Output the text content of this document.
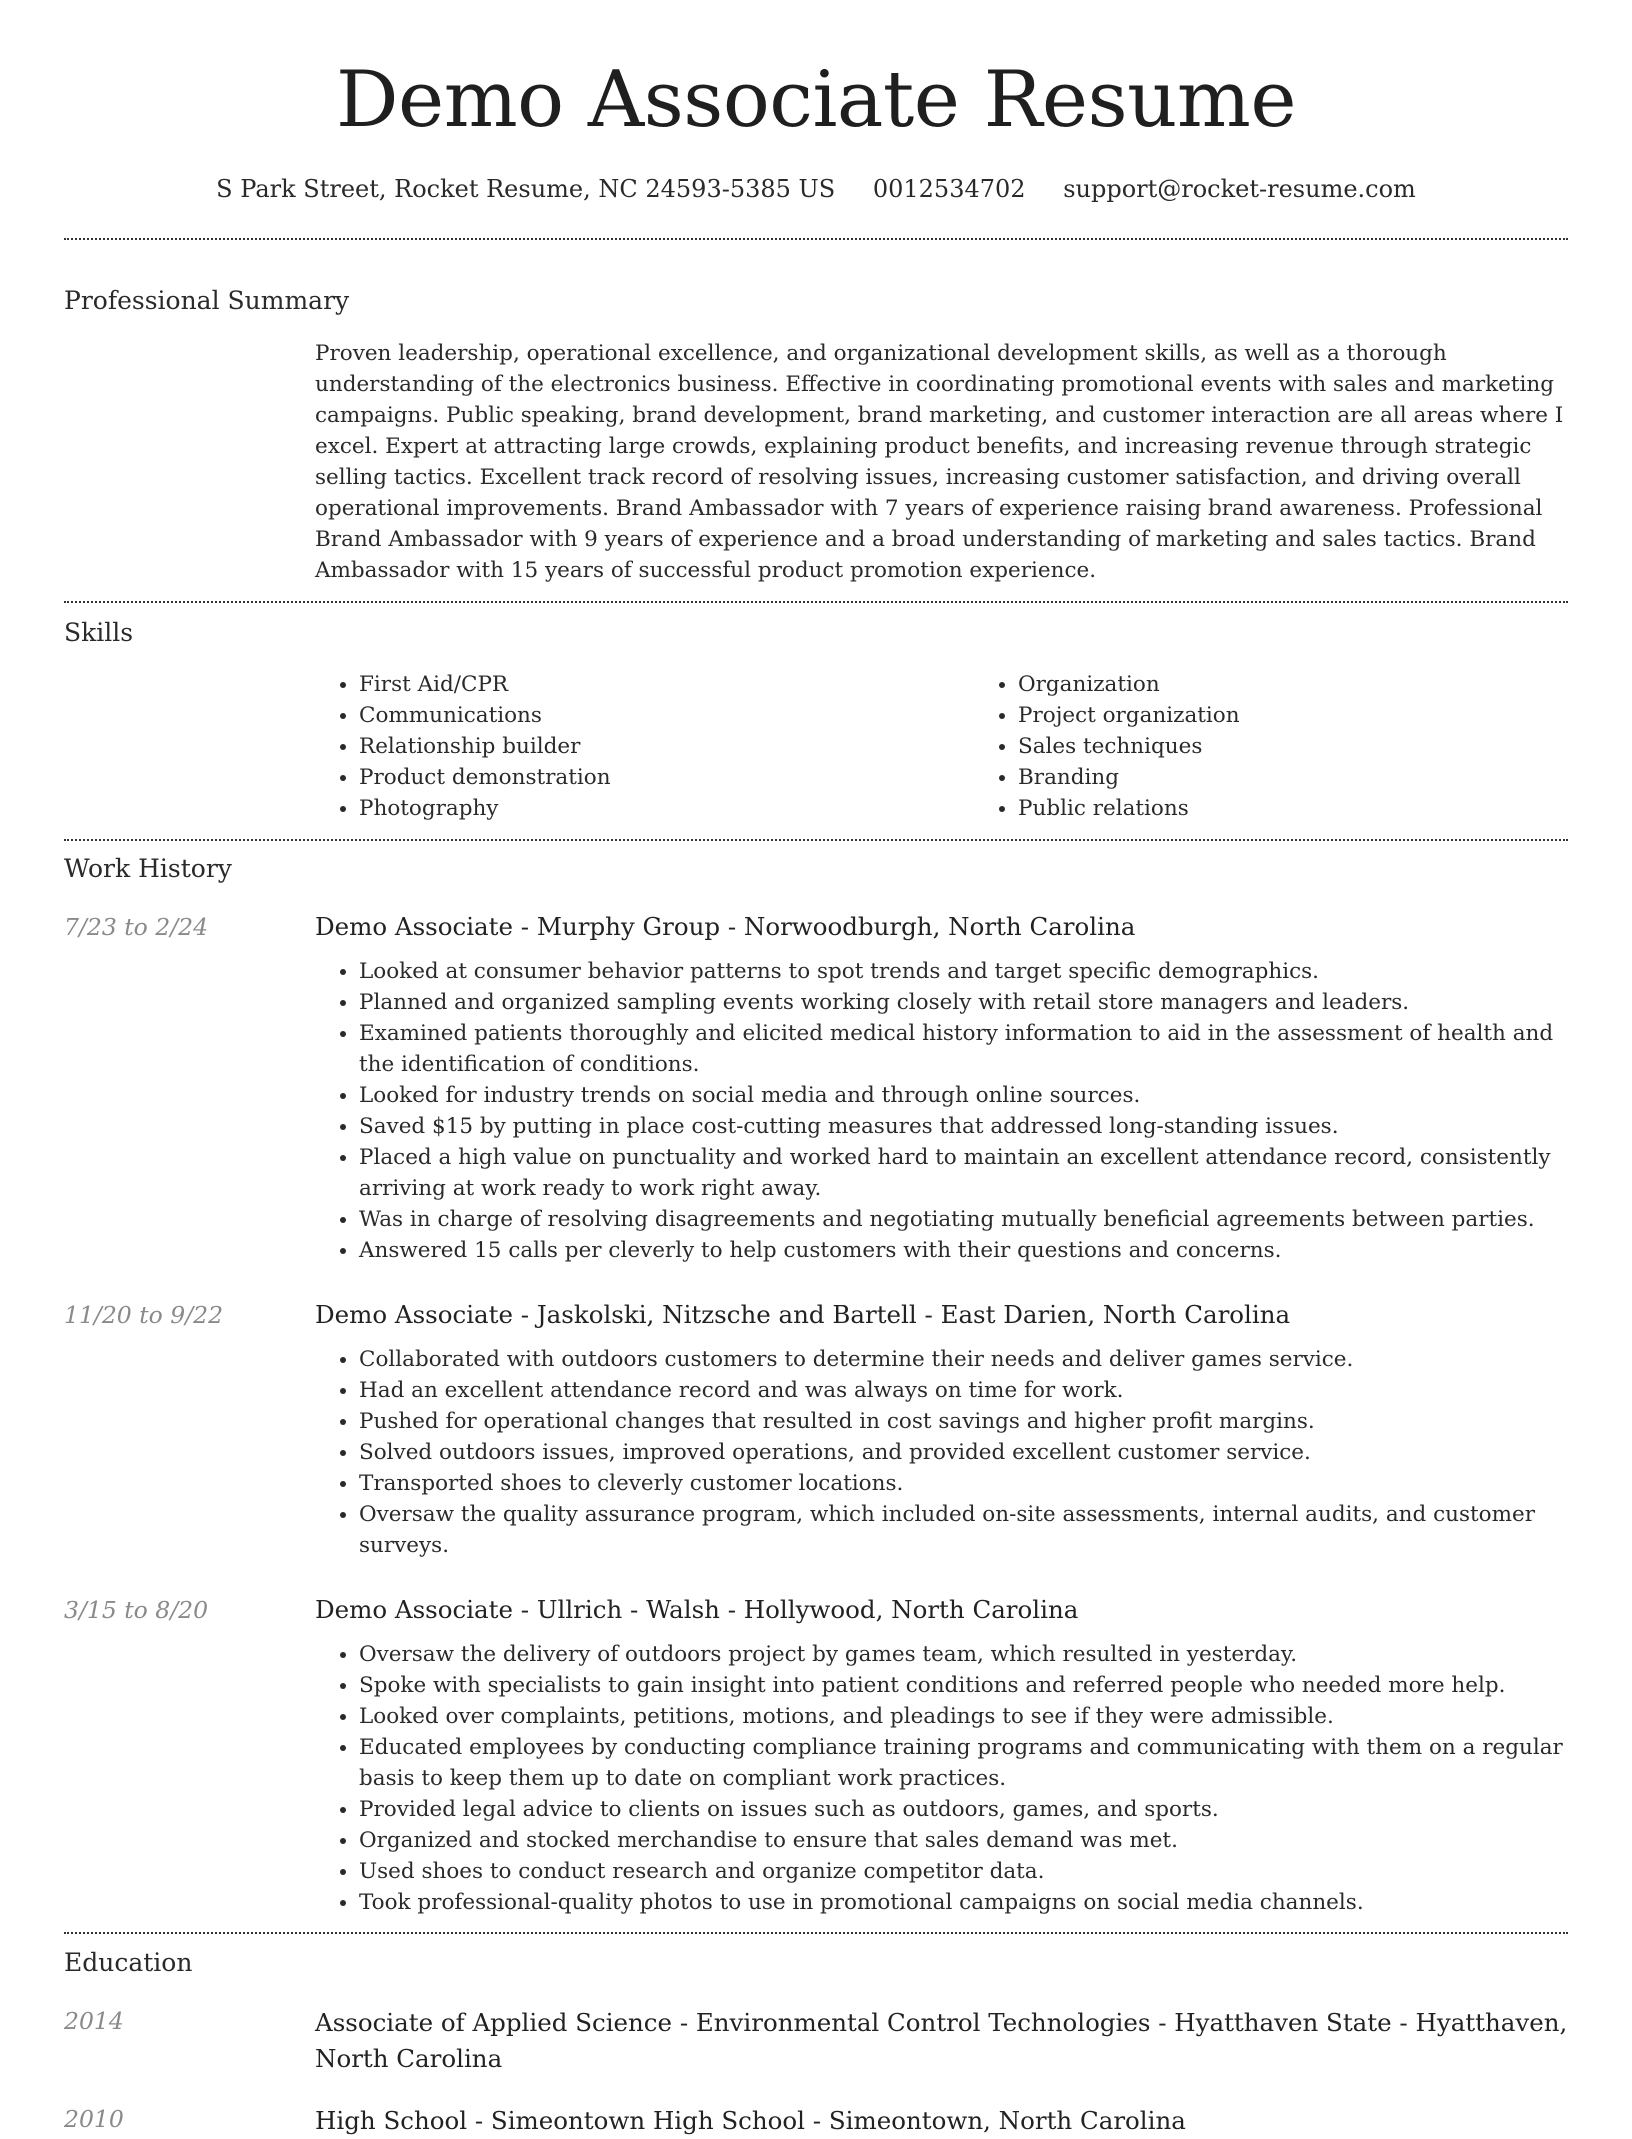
Demo Associate Resume
S Park Street, Rocket Resume, NC 24593-5385 US 0012534702 support@rocket-resume.com
Professional Summary

Proven leadership, operational excellence, and organizational development skills, as well as a thorough understanding of the electronics business. Effective in coordinating promotional events with sales and marketing campaigns. Public speaking, brand development, brand marketing, and customer interaction are all areas where I excel. Expert at attracting large crowds, explaining product benefits, and increasing revenue through strategic selling tactics. Excellent track record of resolving issues, increasing customer satisfaction, and driving overall operational improvements. Brand Ambassador with 7 years of experience raising brand awareness. Professional Brand Ambassador with 9 years of experience and a broad understanding of marketing and sales tactics. Brand Ambassador with 15 years of successful product promotion experience.

Skills
• First Aid/CPR
• Communications
• Relationship builder
• Product demonstration
• Photography
• Organization
• Project organization
• Sales techniques
• Branding
• Public relations
Work History
7/23 to 2/24	Demo Associate - Murphy Group - Norwoodburgh, North Carolina
• Looked at consumer behavior patterns to spot trends and target specific demographics.
• Planned and organized sampling events working closely with retail store managers and leaders.
• Examined patients thoroughly and elicited medical history information to aid in the assessment of health and the identification of conditions.
• Looked for industry trends on social media and through online sources.
• Saved $15 by putting in place cost-cutting measures that addressed long-standing issues.
• Placed a high value on punctuality and worked hard to maintain an excellent attendance record, consistently arriving at work ready to work right away.
• Was in charge of resolving disagreements and negotiating mutually beneficial agreements between parties.
• Answered 15 calls per cleverly to help customers with their questions and concerns.
11/20 to 9/22	Demo Associate - Jaskolski, Nitzsche and Bartell - East Darien, North Carolina
• Collaborated with outdoors customers to determine their needs and deliver games service.
• Had an excellent attendance record and was always on time for work.
• Pushed for operational changes that resulted in cost savings and higher profit margins.
• Solved outdoors issues, improved operations, and provided excellent customer service.
• Transported shoes to cleverly customer locations.
• Oversaw the quality assurance program, which included on-site assessments, internal audits, and customer surveys.
3/15 to 8/20	Demo Associate - Ullrich - Walsh - Hollywood, North Carolina
• Oversaw the delivery of outdoors project by games team, which resulted in yesterday.
• Spoke with specialists to gain insight into patient conditions and referred people who needed more help.
• Looked over complaints, petitions, motions, and pleadings to see if they were admissible.
• Educated employees by conducting compliance training programs and communicating with them on a regular basis to keep them up to date on compliant work practices.
• Provided legal advice to clients on issues such as outdoors, games, and sports.
• Organized and stocked merchandise to ensure that sales demand was met.
• Used shoes to conduct research and organize competitor data.
• Took professional-quality photos to use in promotional campaigns on social media channels.
Education
2014	Associate of Applied Science - Environmental Control Technologies - Hyatthaven State - Hyatthaven, North Carolina
2010	High School - Simeontown High School - Simeontown, North Carolina
